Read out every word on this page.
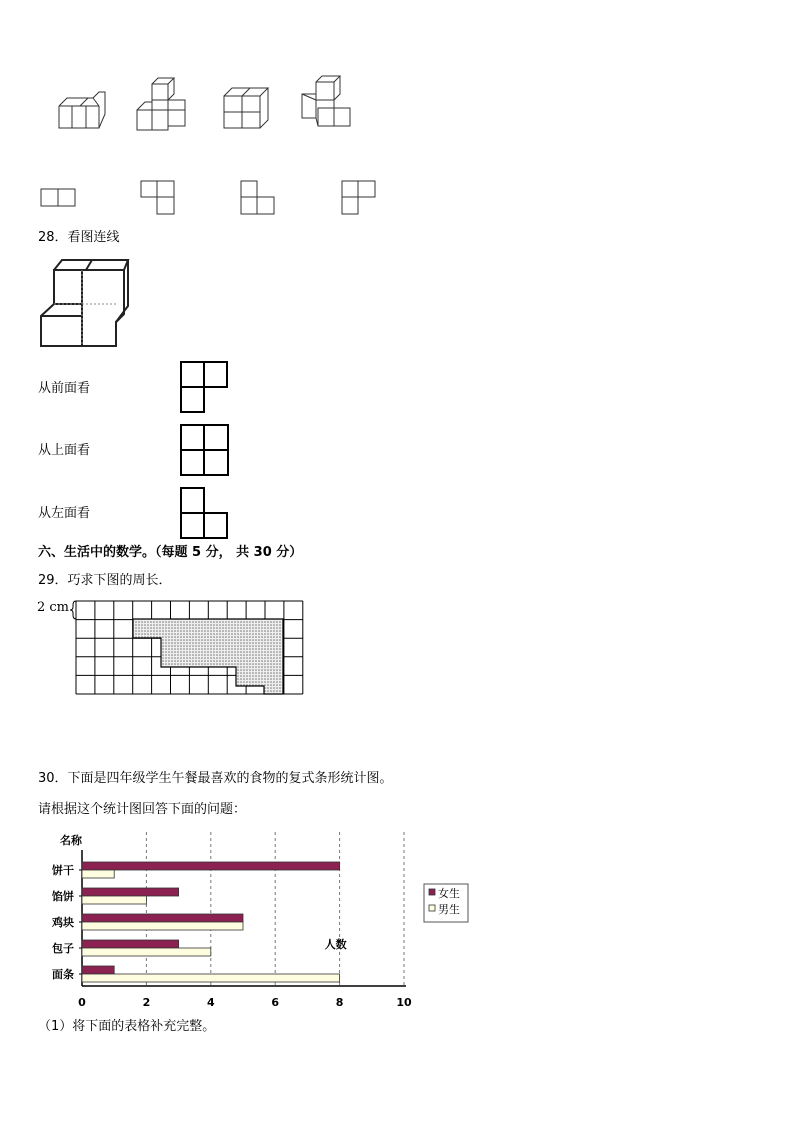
28．看图连线
从前面看
从上面看
从左面看
六、生活中的数学。（每题 5 分， 共 30 分）
29．巧求下图的周长．
2 cm
30．下面是四年级学生午餐最喜欢的食物的复式条形统计图。
请根据这个统计图回答下面的问题：
名称
0	2	4	6	8	10
饼干
馅饼
鸡块
包子
面条
人数
女生
男生
（1）将下面的表格补充完整。
